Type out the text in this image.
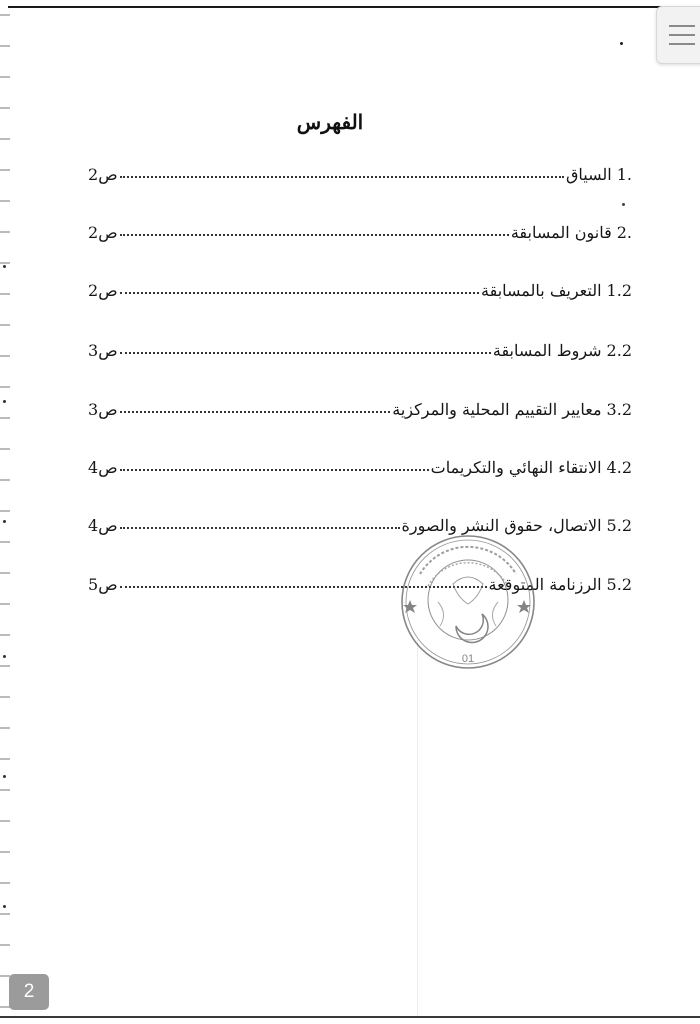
الفهرس
1.
السياق
ص2
2.
قانون المسابقة
ص2
1.2
التعريف بالمسابقة
ص2
2.2
شروط المسابقة
ص3
3.2
معايير التقييم المحلية والمركزية
ص3
4.2
الانتقاء النهائي والتكريمات
ص4
5.2
الاتصال، حقوق النشر والصورة
ص4
5.2
الرزنامة المتوقعة
ص5
01
2
